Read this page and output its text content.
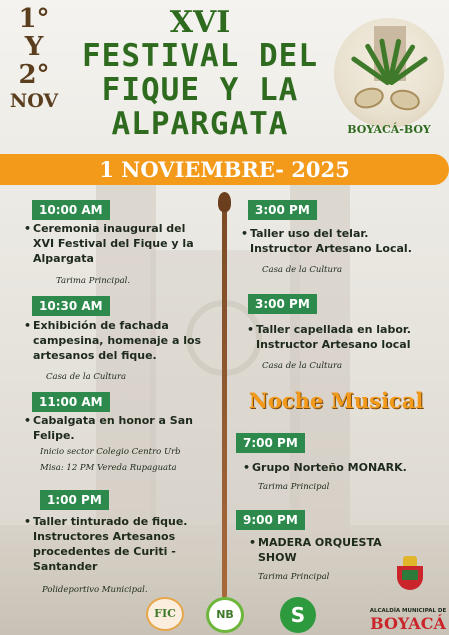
1°
Y
2°
NOV
XVI
FESTIVAL DEL
FIQUE Y LA
ALPARGATA	BOYACÁ-BOY
1 NOVIEMBRE- 2025
10:00 AM
• Ceremonia inaugural del
XVI Festival del Fique y la
Alpargata
Tarima Principal.
10:30 AM
• Exhibición de fachada
campesina, homenaje a los
artesanos del fique.
Casa de la Cultura
11:00 AM
• Cabalgata en honor a San
Felipe.
Inicio sector Colegio Centro Urb
Misa: 12 PM Vereda Rupaguata
1:00 PM
• Taller tinturado de fique.
Instructores Artesanos
procedentes de Curiti -
Santander
Polideportivo Municipal.
3:00 PM
• Taller uso del telar.
Instructor Artesano Local.
Casa de la Cultura
3:00 PM
• Taller capellada en labor.
Instructor Artesano local
Casa de la Cultura
Noche Musical
7:00 PM
• Grupo Norteño MONARK.
Tarima Principal
9:00 PM
• MADERA ORQUESTA
SHOW
Tarima Principal
FIC	NB	S	ALCALDÍA MUNICIPAL DE
BOYACÁ
